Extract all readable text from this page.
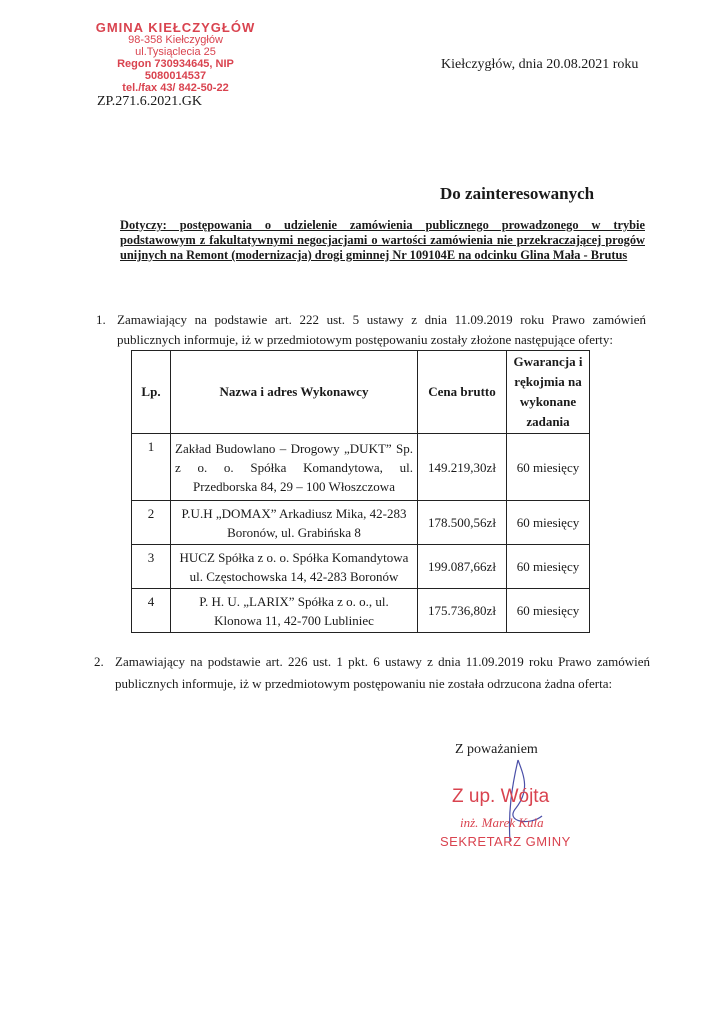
GMINA KIEŁCZYGŁÓW
98-358 Kiełczygłów
ul.Tysiąclecia 25
Regon 730934645, NIP 5080014537
tel./fax 43/ 842-50-22
ZP.271.6.2021.GK
Kiełczygłów, dnia 20.08.2021 roku
Do zainteresowanych
Dotyczy: postępowania o udzielenie zamówienia publicznego prowadzonego w trybie podstawowym z fakultatywnymi negocjacjami o wartości zamówienia nie przekraczającej progów unijnych na Remont (modernizacja) drogi gminnej Nr 109104E na odcinku Glina Mała - Brutus
1. Zamawiający na podstawie art. 222 ust. 5 ustawy z dnia 11.09.2019 roku Prawo zamówień publicznych informuje, iż w przedmiotowym postępowaniu zostały złożone następujące oferty:
Lp.	Nazwa i adres Wykonawcy	Cena brutto	Gwarancja i rękojmia na wykonane zadania
1	Zakład Budowlano – Drogowy „DUKT” Sp. z o. o. Spółka Komandytowa, ul. Przedborska 84, 29 – 100 Włoszczowa	149.219,30zł	60 miesięcy
2	P.U.H „DOMAX” Arkadiusz Mika, 42-283 Boronów, ul. Grabińska 8	178.500,56zł	60 miesięcy
3	HUCZ Spółka z o. o. Spółka Komandytowa ul. Częstochowska 14, 42-283 Boronów	199.087,66zł	60 miesięcy
4	P. H. U. „LARIX” Spółka z o. o., ul. Klonowa 11, 42-700 Lubliniec	175.736,80zł	60 miesięcy
2. Zamawiający na podstawie art. 226 ust. 1 pkt. 6 ustawy z dnia 11.09.2019 roku Prawo zamówień publicznych informuje, iż w przedmiotowym postępowaniu nie została odrzucona żadna oferta:
Z poważaniem
Z up. Wójta
inż. Marek Kula
SEKRETARZ GMINY
